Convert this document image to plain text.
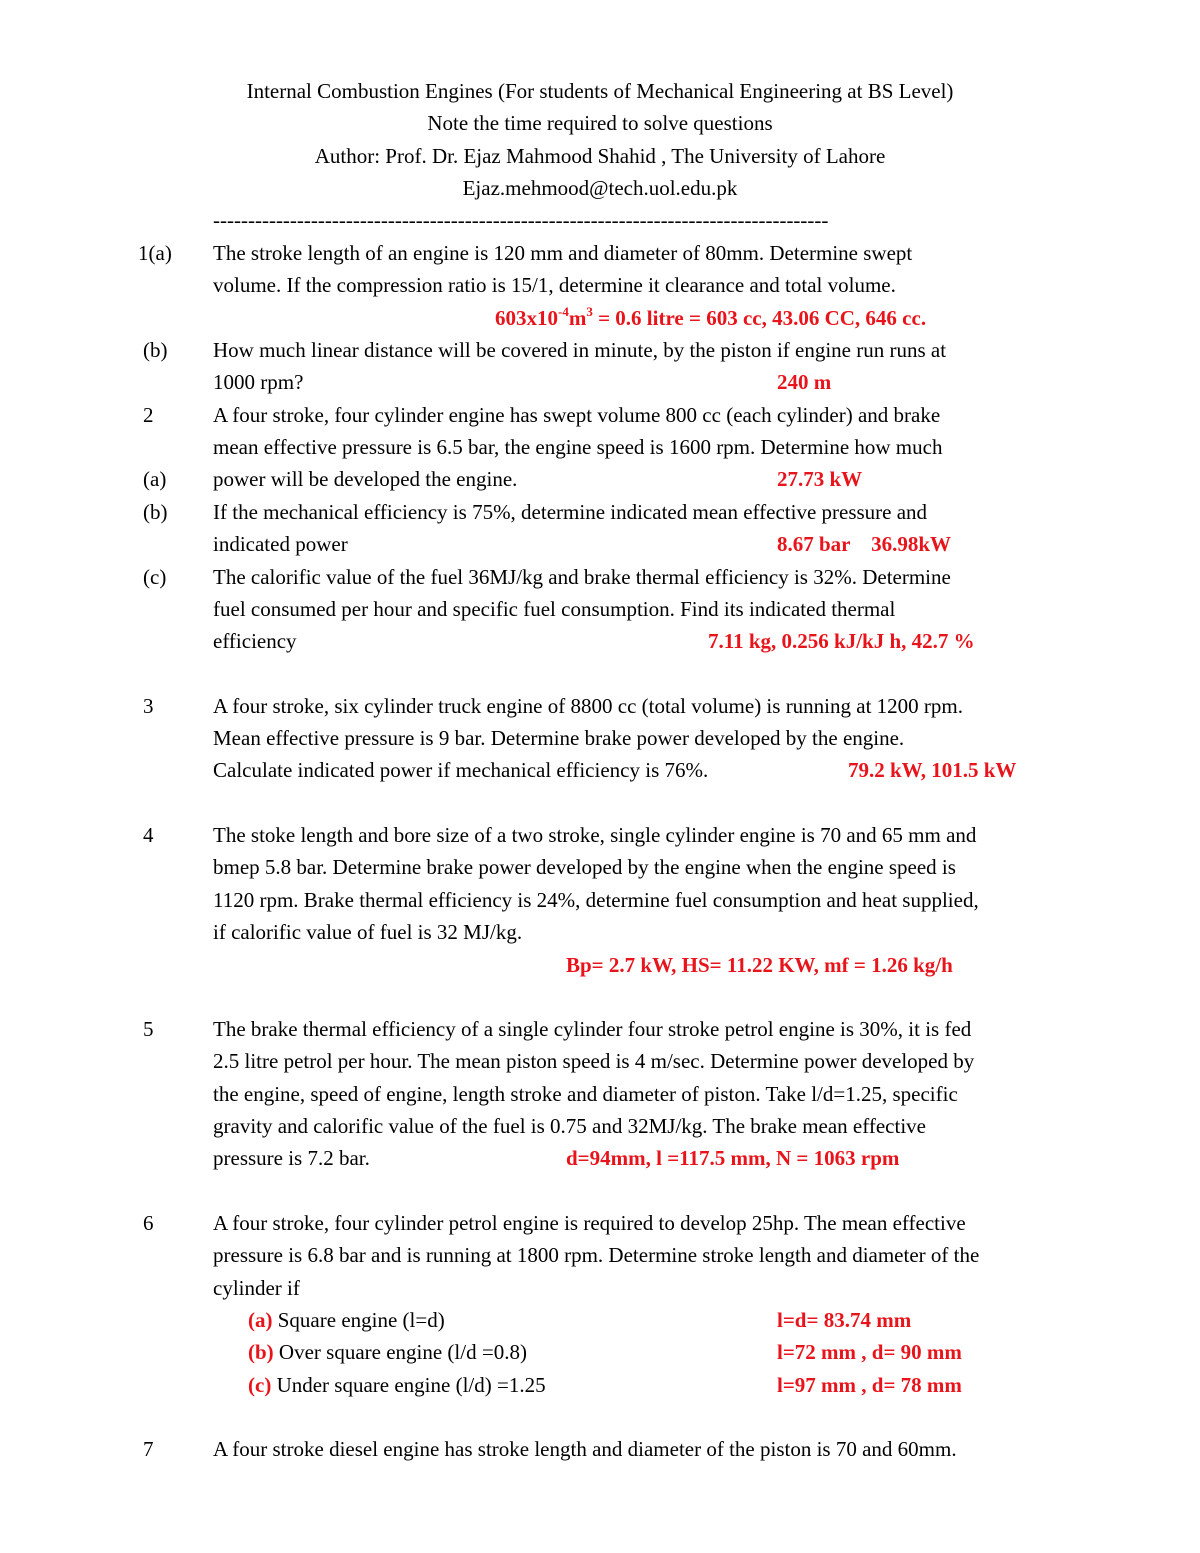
Internal Combustion Engines (For students of Mechanical Engineering at BS Level)
Note the time required to solve questions
Author: Prof. Dr. Ejaz Mahmood Shahid , The University of Lahore
Ejaz.mehmood@tech.uol.edu.pk
----------------------------------------------------------------------------------------
1(a) The stroke length of an engine is 120 mm and diameter of 80mm. Determine swept
volume. If the compression ratio is 15/1, determine it clearance and total volume.
$603x10^{-4}m^3 = 0.6$ litre = 603 cc, 43.06 CC, 646 cc.
(b) How much linear distance will be covered in minute, by the piston if engine run runs at
1000 rpm?	240 m
2	A four stroke, four cylinder engine has swept volume 800 cc (each cylinder) and brake
mean effective pressure is 6.5 bar, the engine speed is 1600 rpm. Determine how much
(a) power will be developed the engine.	27.73 kW
(b) If the mechanical efficiency is 75%, determine indicated mean effective pressure and
indicated power	8.67 bar    36.98kW
(c) The calorific value of the fuel 36MJ/kg and brake thermal efficiency is 32%. Determine
fuel consumed per hour and specific fuel consumption. Find its indicated thermal
efficiency	7.11 kg, 0.256 kJ/kJ h, 42.7 %
3	A four stroke, six cylinder truck engine of 8800 cc (total volume) is running at 1200 rpm.
Mean effective pressure is 9 bar. Determine brake power developed by the engine.
Calculate indicated power if mechanical efficiency is 76%.	79.2 kW, 101.5 kW
4	The stoke length and bore size of a two stroke, single cylinder engine is 70 and 65 mm and
bmep 5.8 bar. Determine brake power developed by the engine when the engine speed is
1120 rpm. Brake thermal efficiency is 24%, determine fuel consumption and heat supplied,
if calorific value of fuel is 32 MJ/kg.
Bp= 2.7 kW, HS= 11.22 KW, mf = 1.26 kg/h
5	The brake thermal efficiency of a single cylinder four stroke petrol engine is 30%, it is fed
2.5 litre petrol per hour. The mean piston speed is 4 m/sec. Determine power developed by
the engine, speed of engine, length stroke and diameter of piston. Take l/d=1.25, specific
gravity and calorific value of the fuel is 0.75 and 32MJ/kg. The brake mean effective
pressure is 7.2 bar.	d=94mm, l =117.5 mm, N = 1063 rpm
6	A four stroke, four cylinder petrol engine is required to develop 25hp. The mean effective
pressure is 6.8 bar and is running at 1800 rpm. Determine stroke length and diameter of the
cylinder if
(a) Square engine (l=d)	l=d= 83.74 mm
(b) Over square engine (l/d =0.8)	l=72 mm , d= 90 mm
(c) Under square engine (l/d) =1.25	l=97 mm , d= 78 mm
7	A four stroke diesel engine has stroke length and diameter of the piston is 70 and 60mm.
